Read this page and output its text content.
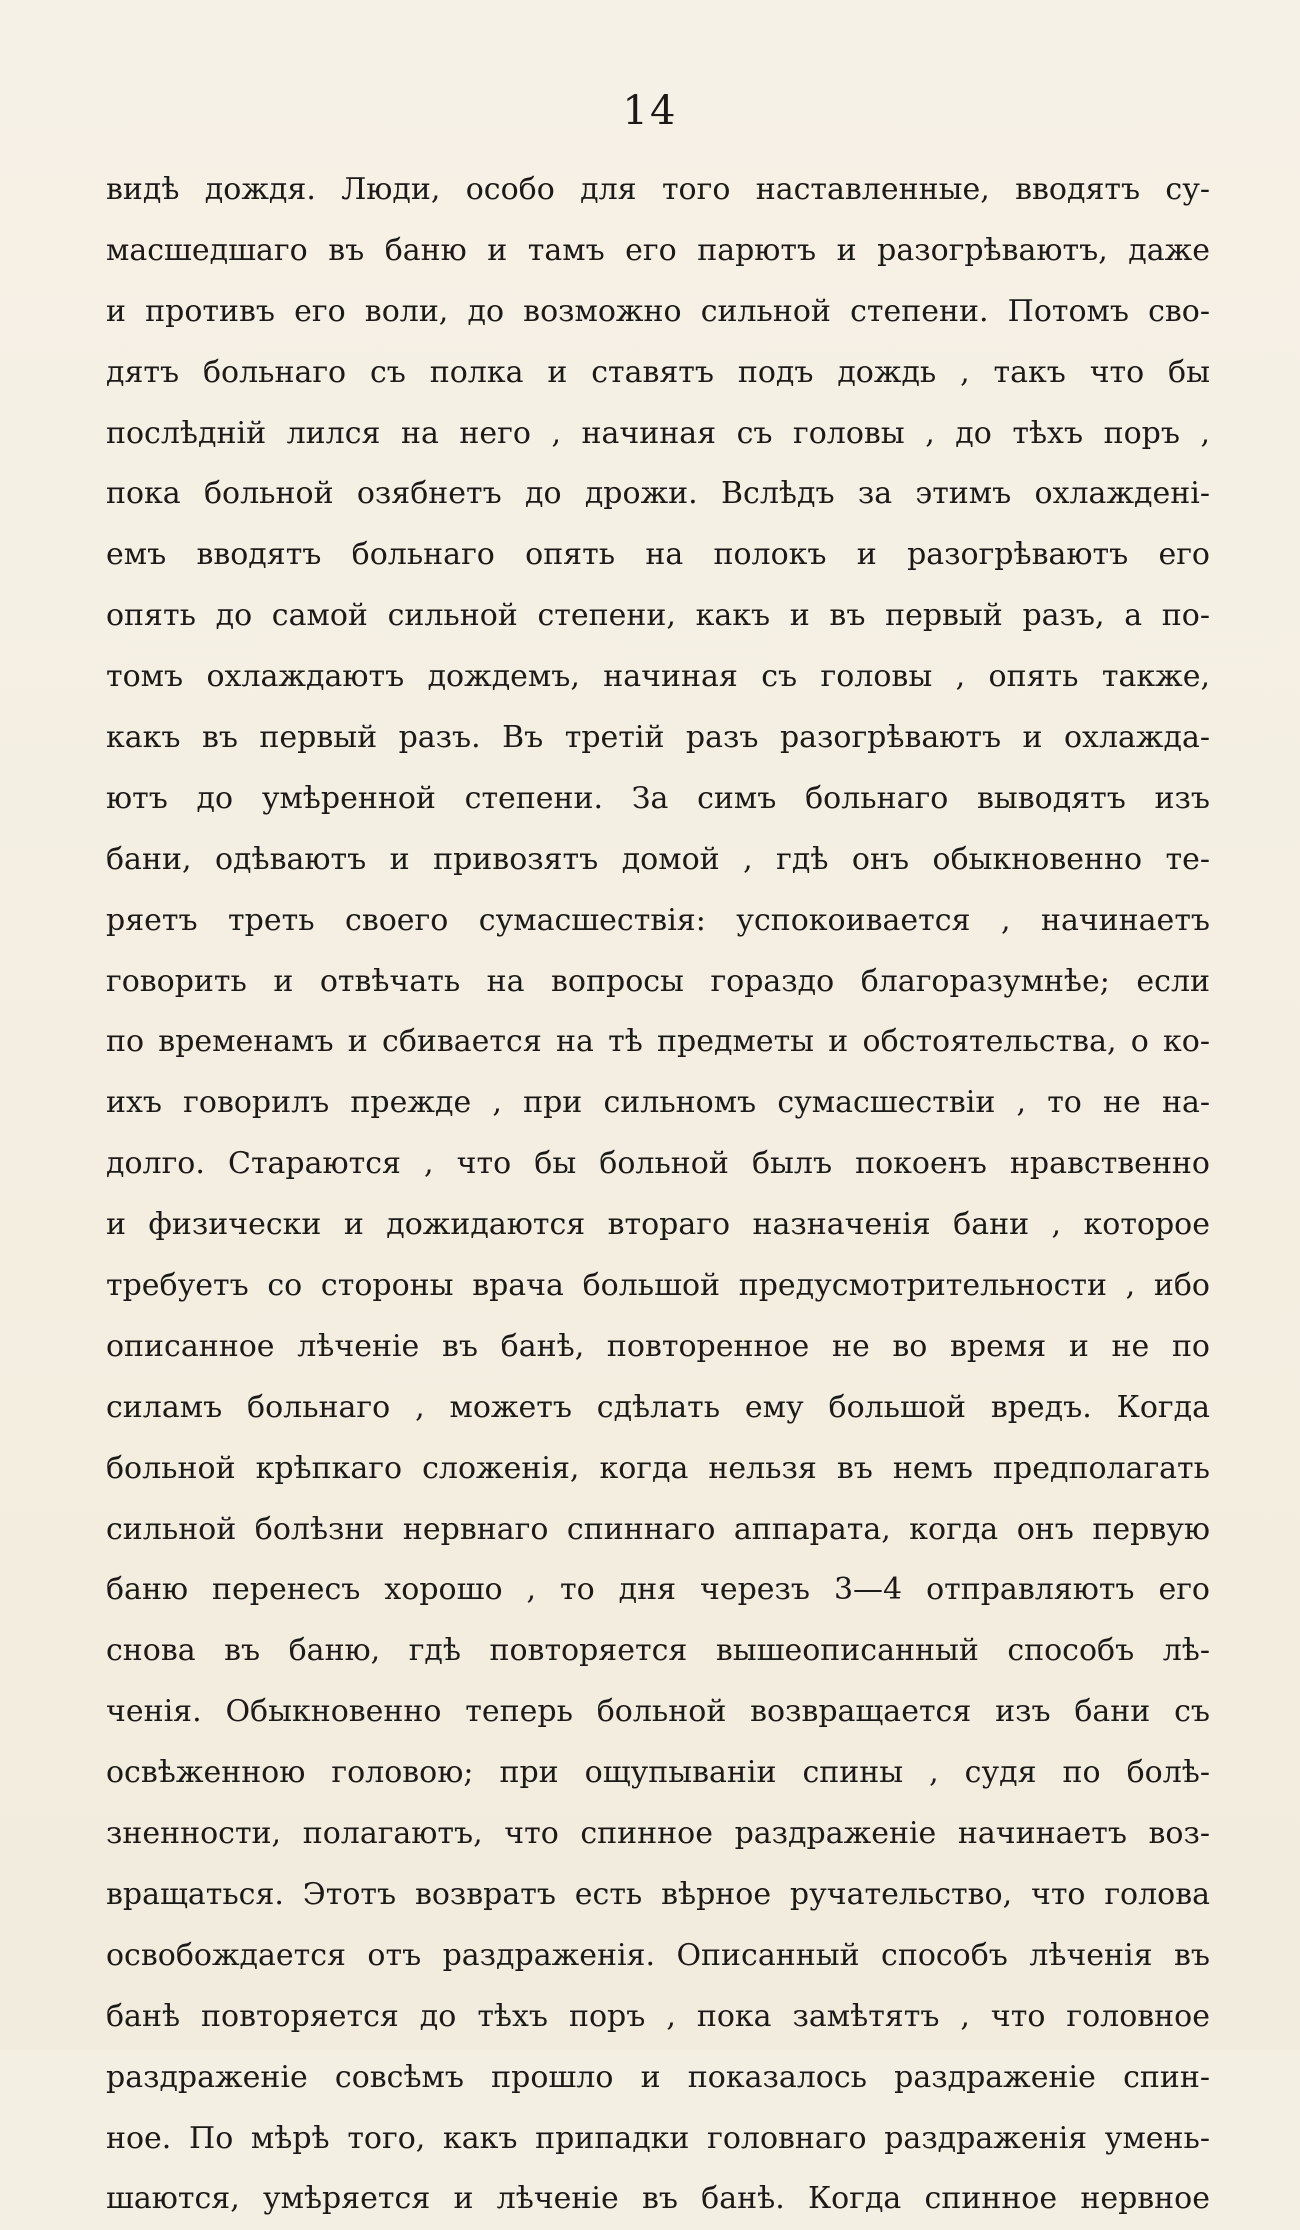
14
видѣ дождя. Люди, особо для того наставленные, вводятъ су-
масшедшаго въ баню и тамъ его парютъ и разогрѣваютъ, даже
и противъ его воли, до возможно сильной степени. Потомъ сво-
дятъ больнаго съ полка и ставятъ подъ дождь , такъ что бы
послѣдній лился на него , начиная съ головы , до тѣхъ поръ ,
пока больной озябнетъ до дрожи. Вслѣдъ за этимъ охлажденi-
емъ вводятъ больнаго опять на полокъ и разогрѣваютъ его
опять до самой сильной степени, какъ и въ первый разъ, а по-
томъ охлаждаютъ дождемъ, начиная съ головы , опять также,
какъ въ первый разъ. Въ третій разъ разогрѣваютъ и охлажда-
ютъ до умѣренной степени. За симъ больнаго выводятъ изъ
бани, одѣваютъ и привозятъ домой , гдѣ онъ обыкновенно те-
ряетъ треть своего сумасшествія: успокоивается , начинаетъ
говорить и отвѣчать на вопросы гораздо благоразумнѣе; если
по временамъ и сбивается на тѣ предметы и обстоятельства, о ко-
ихъ говорилъ прежде , при сильномъ сумасшествіи , то не на-
долго. Стараются , что бы больной былъ покоенъ нравственно
и физически и дожидаются втораго назначенія бани , которое
требуетъ со стороны врача большой предусмотрительности , ибо
описанное лѣченіе въ банѣ, повторенное не во время и не по
силамъ больнаго , можетъ сдѣлать ему большой вредъ. Когда
больной крѣпкаго сложенія, когда нельзя въ немъ предполагать
сильной болѣзни нервнаго спиннаго аппарата, когда онъ первую
баню перенесъ хорошо , то дня черезъ 3—4 отправляютъ его
снова въ баню, гдѣ повторяется вышеописанный способъ лѣ-
ченія. Обыкновенно теперь больной возвращается изъ бани съ
освѣженною головою; при ощупываніи спины , судя по болѣ-
зненности, полагаютъ, что спинное раздраженіе начинаетъ воз-
вращаться. Этотъ возвратъ есть вѣрное ручательство, что голова
освобождается отъ раздраженія. Описанный способъ лѣченія въ
банѣ повторяется до тѣхъ поръ , пока замѣтятъ , что головное
раздраженіе совсѣмъ прошло и показалось раздраженіе спин-
ное. По мѣрѣ того, какъ припадки головнаго раздраженія умень-
шаются, умѣряется и лѣченіе въ банѣ. Когда спинное нервное
